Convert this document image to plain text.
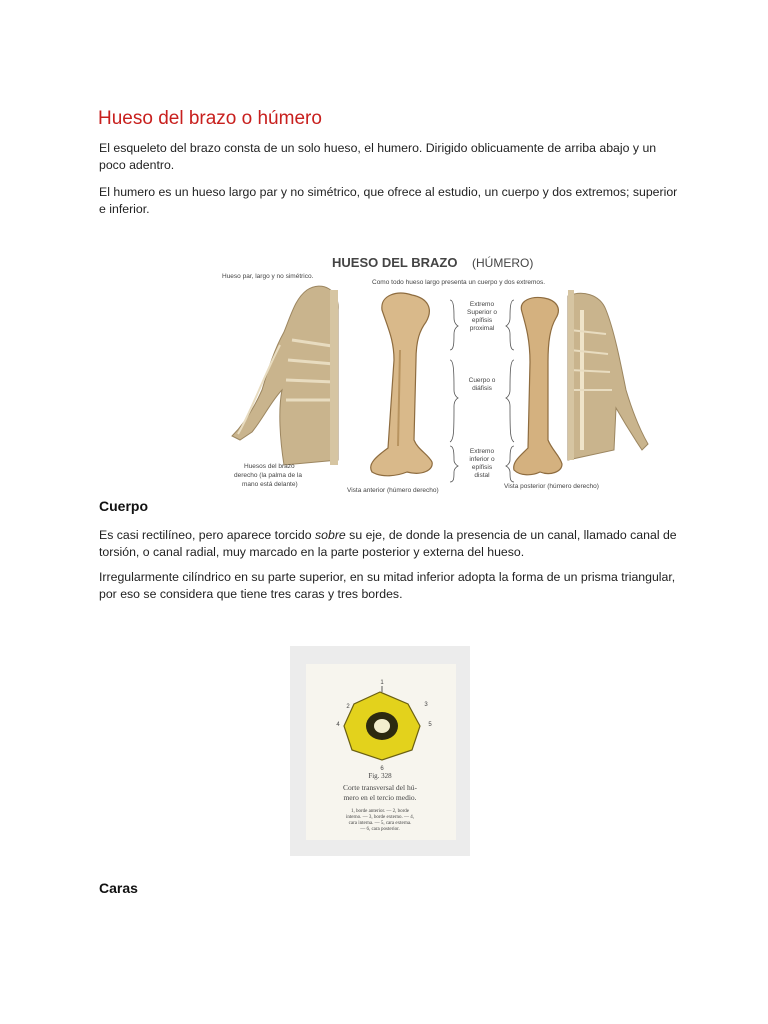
Hueso del brazo o húmero
El esqueleto del brazo consta de un solo hueso, el humero. Dirigido oblicuamente de arriba abajo y un poco adentro.
El humero es un hueso largo par y no simétrico, que ofrece al estudio, un cuerpo y dos extremos; superior e inferior.
HUESO DEL BRAZO (HÚMERO)
Hueso par, largo y no simétrico.
Como todo hueso largo presenta un cuerpo y dos extremos.
Huesos del brazo
derecho (la palma de la
mano está delante)
Vista anterior (húmero derecho)
Extremo
Superior o
epífisis
proximal
Cuerpo o
diáfisis
Extremo
inferior o
epífisis
distal
Vista posterior (húmero derecho)
Cuerpo
Es casi rectilíneo, pero aparece torcido sobre su eje, de donde la presencia de un canal, llamado canal de torsión, o canal radial, muy marcado en la parte posterior y externa del hueso.
Irregularmente cilíndrico en su parte superior, en su mitad inferior adopta la forma de un prisma triangular, por eso se considera que tiene tres caras y tres bordes.
1
2	3
4	5
6
Fig. 328
Corte transversal del hú-
mero en el tercio medio.
1, borde anterior. — 2, borde
interno. — 3, borde externo. — 4,
cara interna. — 5, cara externa.
— 6, cara posterior.
Caras
